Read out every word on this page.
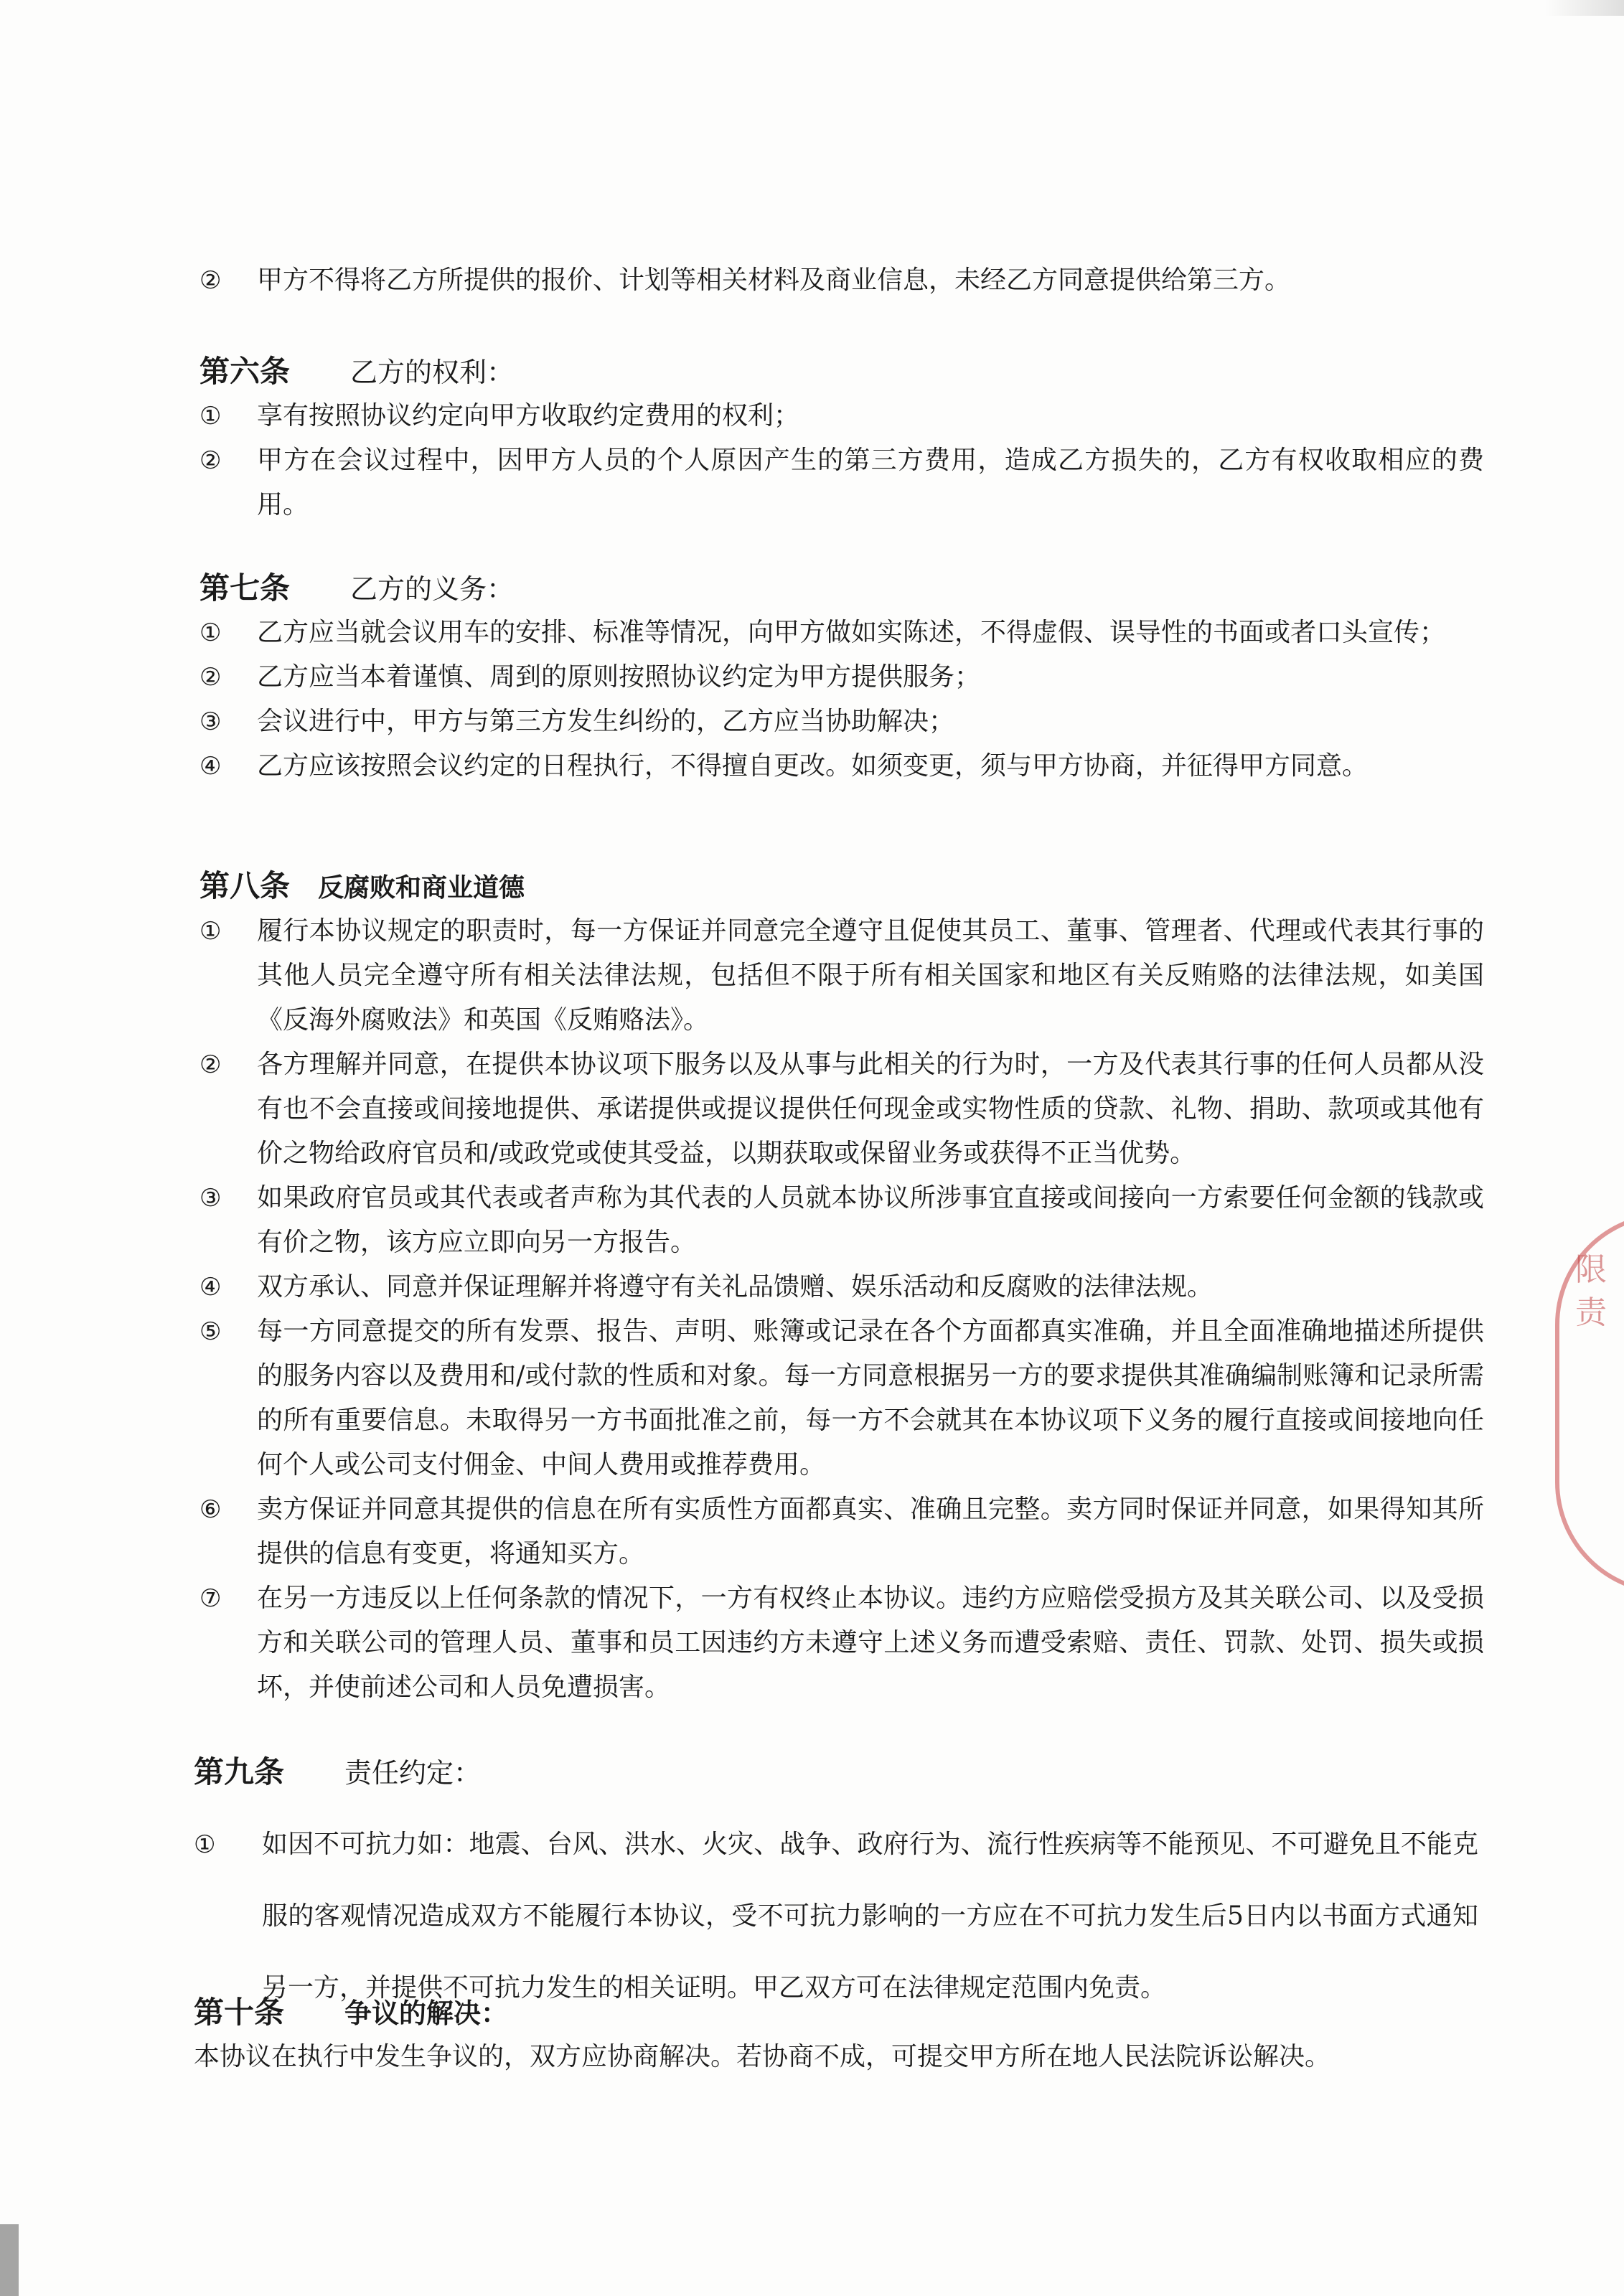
②	甲方不得将乙方所提供的报价、计划等相关材料及商业信息，未经乙方同意提供给第三方。

第六条 乙方的权利：

①	享有按照协议约定向甲方收取约定费用的权利；

②	甲方在会议过程中，因甲方人员的个人原因产生的第三方费用，造成乙方损失的，乙方有权收取相应的费用。

第七条 乙方的义务：

①	乙方应当就会议用车的安排、标准等情况，向甲方做如实陈述，不得虚假、误导性的书面或者口头宣传；

②	乙方应当本着谨慎、周到的原则按照协议约定为甲方提供服务；

③	会议进行中，甲方与第三方发生纠纷的，乙方应当协助解决；

④	乙方应该按照会议约定的日程执行，不得擅自更改。如须变更，须与甲方协商，并征得甲方同意。

第八条 反腐败和商业道德

①	履行本协议规定的职责时，每一方保证并同意完全遵守且促使其员工、董事、管理者、代理或代表其行事的其他人员完全遵守所有相关法律法规，包括但不限于所有相关国家和地区有关反贿赂的法律法规，如美国《反海外腐败法》和英国《反贿赂法》。

②	各方理解并同意，在提供本协议项下服务以及从事与此相关的行为时，一方及代表其行事的任何人员都从没有也不会直接或间接地提供、承诺提供或提议提供任何现金或实物性质的贷款、礼物、捐助、款项或其他有价之物给政府官员和/或政党或使其受益，以期获取或保留业务或获得不正当优势。

③	如果政府官员或其代表或者声称为其代表的人员就本协议所涉事宜直接或间接向一方索要任何金额的钱款或有价之物，该方应立即向另一方报告。

④	双方承认、同意并保证理解并将遵守有关礼品馈赠、娱乐活动和反腐败的法律法规。

⑤	每一方同意提交的所有发票、报告、声明、账簿或记录在各个方面都真实准确，并且全面准确地描述所提供的服务内容以及费用和/或付款的性质和对象。每一方同意根据另一方的要求提供其准确编制账簿和记录所需的所有重要信息。未取得另一方书面批准之前，每一方不会就其在本协议项下义务的履行直接或间接地向任何个人或公司支付佣金、中间人费用或推荐费用。

⑥	卖方保证并同意其提供的信息在所有实质性方面都真实、准确且完整。卖方同时保证并同意，如果得知其所提供的信息有变更，将通知买方。

⑦	在另一方违反以上任何条款的情况下，一方有权终止本协议。违约方应赔偿受损方及其关联公司、以及受损方和关联公司的管理人员、董事和员工因违约方未遵守上述义务而遭受索赔、责任、罚款、处罚、损失或损坏，并使前述公司和人员免遭损害。

第九条 责任约定：

①	如因不可抗力如：地震、台风、洪水、火灾、战争、政府行为、流行性疾病等不能预见、不可避免且不能克服的客观情况造成双方不能履行本协议，受不可抗力影响的一方应在不可抗力发生后5日内以书面方式通知另一方，并提供不可抗力发生的相关证明。甲乙双方可在法律规定范围内免责。

第十条 争议的解决：

本协议在执行中发生争议的，双方应协商解决。若协商不成，可提交甲方所在地人民法院诉讼解决。

限责
